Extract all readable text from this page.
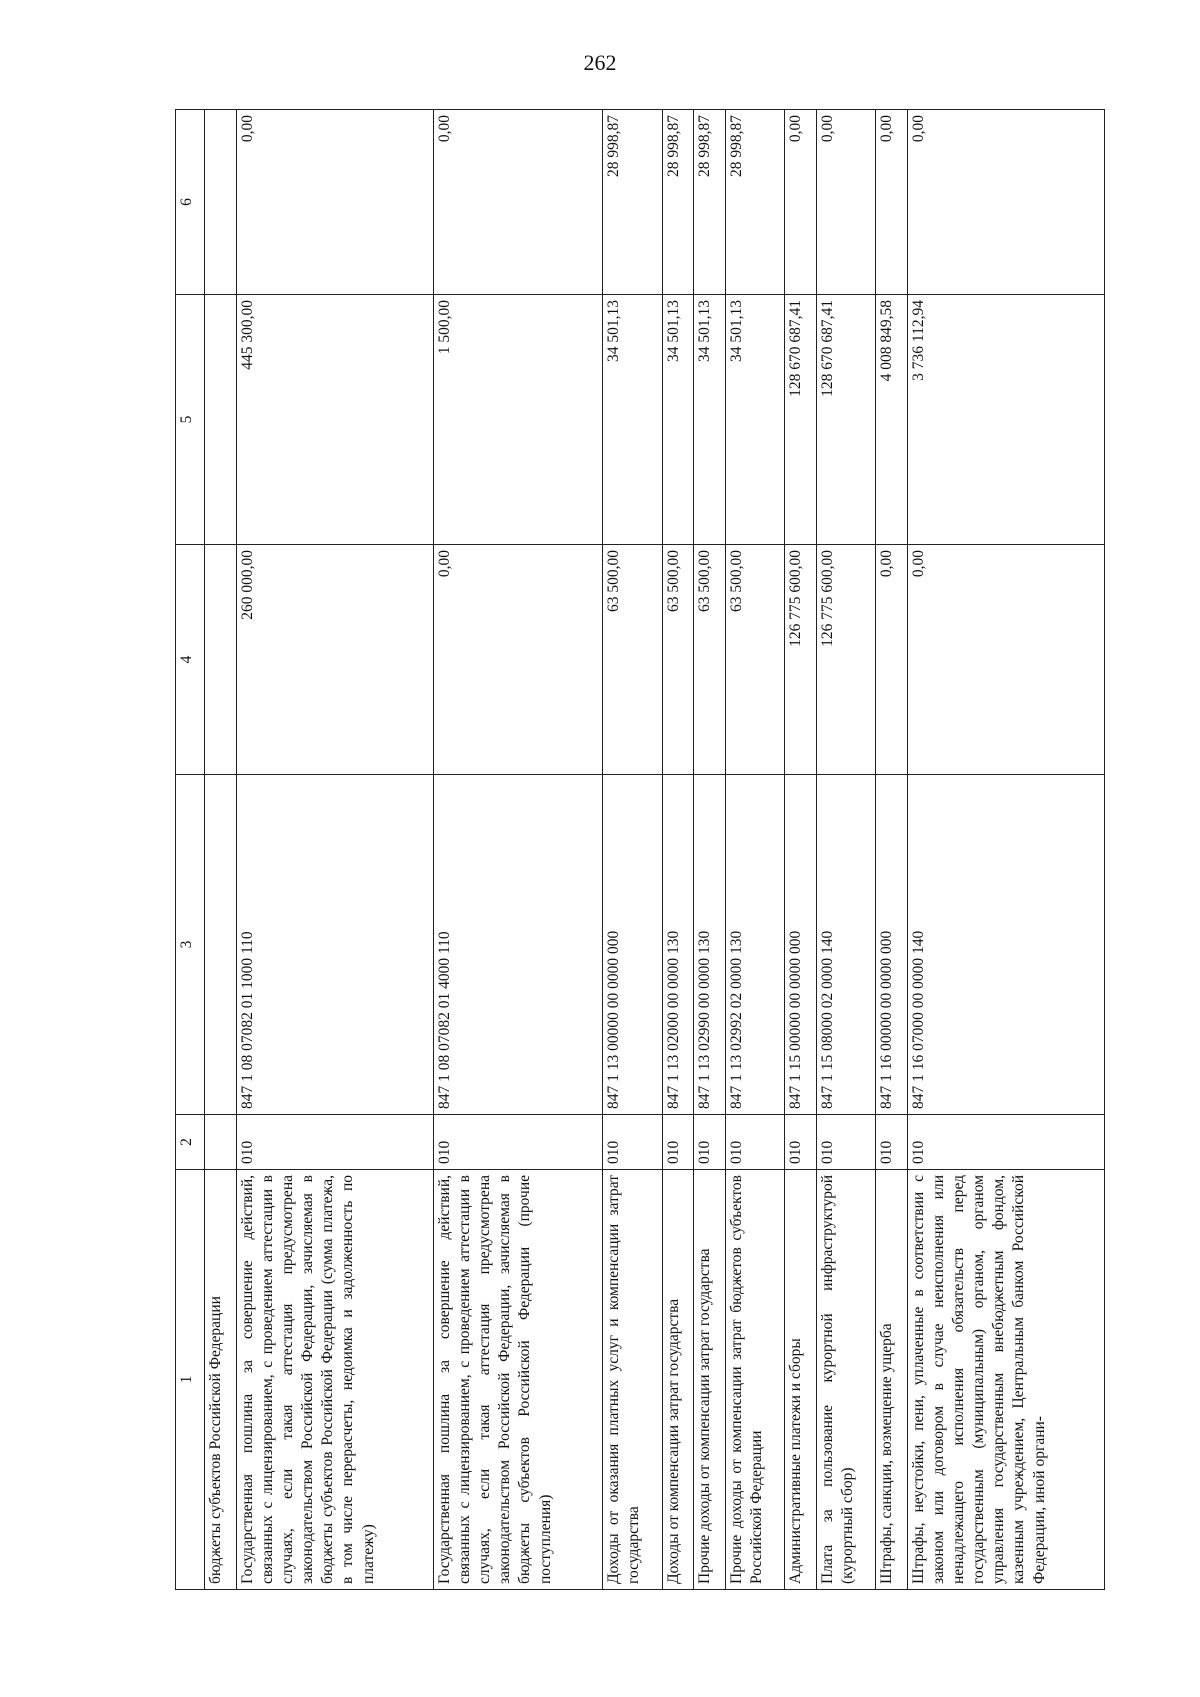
262
1	2	3	4	5	6
бюджеты субъектов Российской Федерации					
Государственная пошлина за совершение действий, связанных с лицензированием, с проведением аттестации в случаях, если такая аттестация предусмотрена законодательством Российской Федерации, зачисляемая в бюджеты субъектов Российской Федерации (сумма платежа, в том числе перерасчеты, недоимка и задолженность по платежу)	010	847 1 08 07082 01 1000 110	260 000,00	445 300,00	0,00
Государственная пошлина за совершение действий, связанных с лицензированием, с проведением аттестации в случаях, если такая аттестация предусмотрена законодательством Российской Федерации, зачисляемая в бюджеты субъектов Российской Федерации (прочие поступления)	010	847 1 08 07082 01 4000 110	0,00	1 500,00	0,00
Доходы от оказания платных услуг и компенсации затрат государства	010	847 1 13 00000 00 0000 000	63 500,00	34 501,13	28 998,87
Доходы от компенсации затрат государства	010	847 1 13 02000 00 0000 130	63 500,00	34 501,13	28 998,87
Прочие доходы от компенсации затрат государства	010	847 1 13 02990 00 0000 130	63 500,00	34 501,13	28 998,87
Прочие доходы от компенсации затрат бюджетов субъектов Российской Федерации	010	847 1 13 02992 02 0000 130	63 500,00	34 501,13	28 998,87
Административные платежи и сборы	010	847 1 15 00000 00 0000 000	126 775 600,00	128 670 687,41	0,00
Плата за пользование курортной инфраструктурой (курортный сбор)	010	847 1 15 08000 02 0000 140	126 775 600,00	128 670 687,41	0,00
Штрафы, санкции, возмещение ущерба	010	847 1 16 00000 00 0000 000	0,00	4 008 849,58	0,00
Штрафы, неустойки, пени, уплаченные в соответствии с законом или договором в случае неисполнения или ненадлежащего исполнения обязательств перед государственным (муниципальным) органом, органом управления государственным внебюджетным фондом, казенным учреждением, Центральным банком Российской Федерации, иной органи-	010	847 1 16 07000 00 0000 140	0,00	3 736 112,94	0,00
